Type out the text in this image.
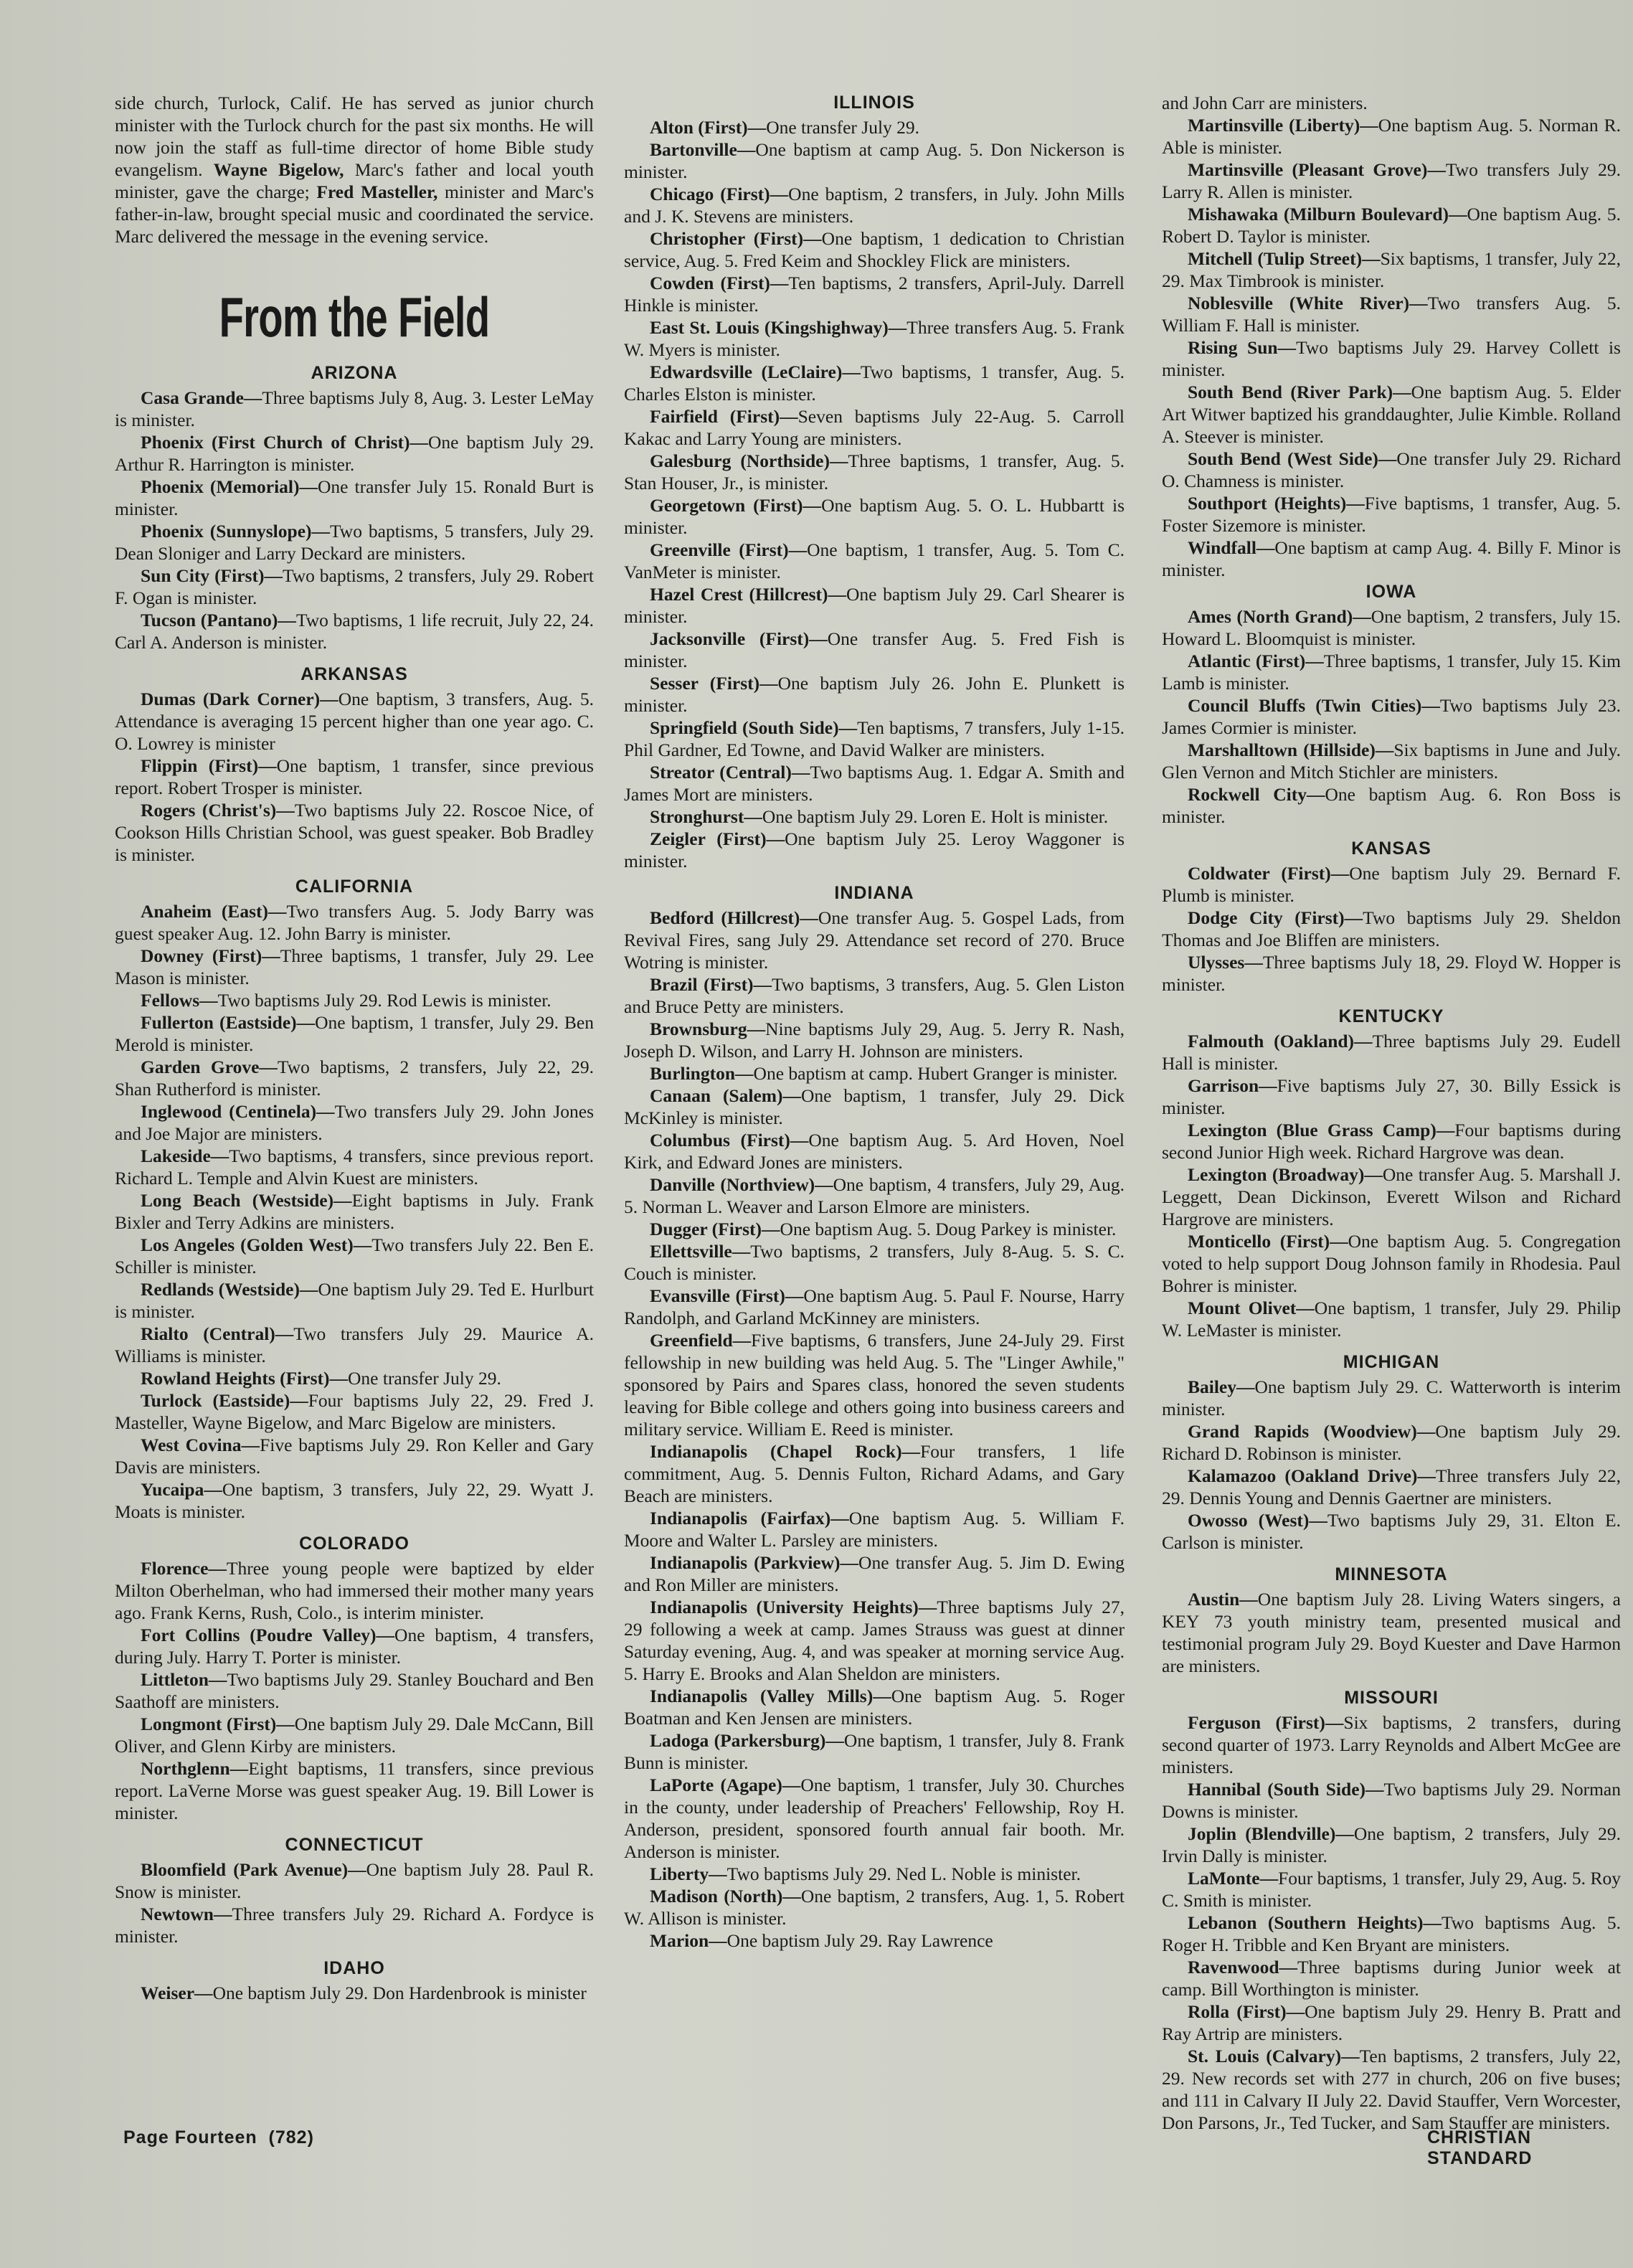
side church, Turlock, Calif. He has served as junior church minister with the Turlock church for the past six months. He will now join the staff as full-time director of home Bible study evangelism. Wayne Bigelow, Marc's father and local youth minister, gave the charge; Fred Masteller, minister and Marc's father-in-law, brought special music and coordinated the service. Marc delivered the message in the evening service.

From the Field
ARIZONA

Casa Grande—Three baptisms July 8, Aug. 3. Lester LeMay is minister.

Phoenix (First Church of Christ)—One baptism July 29. Arthur R. Harrington is minister.

Phoenix (Memorial)—One transfer July 15. Ronald Burt is minister.

Phoenix (Sunnyslope)—Two baptisms, 5 transfers, July 29. Dean Sloniger and Larry Deckard are ministers.

Sun City (First)—Two baptisms, 2 transfers, July 29. Robert F. Ogan is minister.

Tucson (Pantano)—Two baptisms, 1 life recruit, July 22, 24. Carl A. Anderson is minister.

ARKANSAS

Dumas (Dark Corner)—One baptism, 3 transfers, Aug. 5. Attendance is averaging 15 percent higher than one year ago. C. O. Lowrey is minister

Flippin (First)—One baptism, 1 transfer, since previous report. Robert Trosper is minister.

Rogers (Christ's)—Two baptisms July 22. Roscoe Nice, of Cookson Hills Christian School, was guest speaker. Bob Bradley is minister.

CALIFORNIA

Anaheim (East)—Two transfers Aug. 5. Jody Barry was guest speaker Aug. 12. John Barry is minister.

Downey (First)—Three baptisms, 1 transfer, July 29. Lee Mason is minister.

Fellows—Two baptisms July 29. Rod Lewis is minister.

Fullerton (Eastside)—One baptism, 1 transfer, July 29. Ben Merold is minister.

Garden Grove—Two baptisms, 2 transfers, July 22, 29. Shan Rutherford is minister.

Inglewood (Centinela)—Two transfers July 29. John Jones and Joe Major are ministers.

Lakeside—Two baptisms, 4 transfers, since previous report. Richard L. Temple and Alvin Kuest are ministers.

Long Beach (Westside)—Eight baptisms in July. Frank Bixler and Terry Adkins are ministers.

Los Angeles (Golden West)—Two transfers July 22. Ben E. Schiller is minister.

Redlands (Westside)—One baptism July 29. Ted E. Hurlburt is minister.

Rialto (Central)—Two transfers July 29. Maurice A. Williams is minister.

Rowland Heights (First)—One transfer July 29.

Turlock (Eastside)—Four baptisms July 22, 29. Fred J. Masteller, Wayne Bigelow, and Marc Bigelow are ministers.

West Covina—Five baptisms July 29. Ron Keller and Gary Davis are ministers.

Yucaipa—One baptism, 3 transfers, July 22, 29. Wyatt J. Moats is minister.

COLORADO

Florence—Three young people were baptized by elder Milton Oberhelman, who had immersed their mother many years ago. Frank Kerns, Rush, Colo., is interim minister.

Fort Collins (Poudre Valley)—One baptism, 4 transfers, during July. Harry T. Porter is minister.

Littleton—Two baptisms July 29. Stanley Bouchard and Ben Saathoff are ministers.

Longmont (First)—One baptism July 29. Dale McCann, Bill Oliver, and Glenn Kirby are ministers.

Northglenn—Eight baptisms, 11 transfers, since previous report. LaVerne Morse was guest speaker Aug. 19. Bill Lower is minister.

CONNECTICUT

Bloomfield (Park Avenue)—One baptism July 28. Paul R. Snow is minister.

Newtown—Three transfers July 29. Richard A. Fordyce is minister.

IDAHO

Weiser—One baptism July 29. Don Hardenbrook is minister

ILLINOIS

Alton (First)—One transfer July 29.

Bartonville—One baptism at camp Aug. 5. Don Nickerson is minister.

Chicago (First)—One baptism, 2 transfers, in July. John Mills and J. K. Stevens are ministers.

Christopher (First)—One baptism, 1 dedication to Christian service, Aug. 5. Fred Keim and Shockley Flick are ministers.

Cowden (First)—Ten baptisms, 2 transfers, April-July. Darrell Hinkle is minister.

East St. Louis (Kingshighway)—Three transfers Aug. 5. Frank W. Myers is minister.

Edwardsville (LeClaire)—Two baptisms, 1 transfer, Aug. 5. Charles Elston is minister.

Fairfield (First)—Seven baptisms July 22-Aug. 5. Carroll Kakac and Larry Young are ministers.

Galesburg (Northside)—Three baptisms, 1 transfer, Aug. 5. Stan Houser, Jr., is minister.

Georgetown (First)—One baptism Aug. 5. O. L. Hubbartt is minister.

Greenville (First)—One baptism, 1 transfer, Aug. 5. Tom C. VanMeter is minister.

Hazel Crest (Hillcrest)—One baptism July 29. Carl Shearer is minister.

Jacksonville (First)—One transfer Aug. 5. Fred Fish is minister.

Sesser (First)—One baptism July 26. John E. Plunkett is minister.

Springfield (South Side)—Ten baptisms, 7 transfers, July 1-15. Phil Gardner, Ed Towne, and David Walker are ministers.

Streator (Central)—Two baptisms Aug. 1. Edgar A. Smith and James Mort are ministers.

Stronghurst—One baptism July 29. Loren E. Holt is minister.

Zeigler (First)—One baptism July 25. Leroy Waggoner is minister.

INDIANA

Bedford (Hillcrest)—One transfer Aug. 5. Gospel Lads, from Revival Fires, sang July 29. Attendance set record of 270. Bruce Wotring is minister.

Brazil (First)—Two baptisms, 3 transfers, Aug. 5. Glen Liston and Bruce Petty are ministers.

Brownsburg—Nine baptisms July 29, Aug. 5. Jerry R. Nash, Joseph D. Wilson, and Larry H. Johnson are ministers.

Burlington—One baptism at camp. Hubert Granger is minister.

Canaan (Salem)—One baptism, 1 transfer, July 29. Dick McKinley is minister.

Columbus (First)—One baptism Aug. 5. Ard Hoven, Noel Kirk, and Edward Jones are ministers.

Danville (Northview)—One baptism, 4 transfers, July 29, Aug. 5. Norman L. Weaver and Larson Elmore are ministers.

Dugger (First)—One baptism Aug. 5. Doug Parkey is minister.

Ellettsville—Two baptisms, 2 transfers, July 8-Aug. 5. S. C. Couch is minister.

Evansville (First)—One baptism Aug. 5. Paul F. Nourse, Harry Randolph, and Garland McKinney are ministers.

Greenfield—Five baptisms, 6 transfers, June 24-July 29. First fellowship in new building was held Aug. 5. The "Linger Awhile," sponsored by Pairs and Spares class, honored the seven students leaving for Bible college and others going into business careers and military service. William E. Reed is minister.

Indianapolis (Chapel Rock)—Four transfers, 1 life commitment, Aug. 5. Dennis Fulton, Richard Adams, and Gary Beach are ministers.

Indianapolis (Fairfax)—One baptism Aug. 5. William F. Moore and Walter L. Parsley are ministers.

Indianapolis (Parkview)—One transfer Aug. 5. Jim D. Ewing and Ron Miller are ministers.

Indianapolis (University Heights)—Three baptisms July 27, 29 following a week at camp. James Strauss was guest at dinner Saturday evening, Aug. 4, and was speaker at morning service Aug. 5. Harry E. Brooks and Alan Sheldon are ministers.

Indianapolis (Valley Mills)—One baptism Aug. 5. Roger Boatman and Ken Jensen are ministers.

Ladoga (Parkersburg)—One baptism, 1 transfer, July 8. Frank Bunn is minister.

LaPorte (Agape)—One baptism, 1 transfer, July 30. Churches in the county, under leadership of Preachers' Fellowship, Roy H. Anderson, president, sponsored fourth annual fair booth. Mr. Anderson is minister.

Liberty—Two baptisms July 29. Ned L. Noble is minister.

Madison (North)—One baptism, 2 transfers, Aug. 1, 5. Robert W. Allison is minister.

Marion—One baptism July 29. Ray Lawrence

and John Carr are ministers.

Martinsville (Liberty)—One baptism Aug. 5. Norman R. Able is minister.

Martinsville (Pleasant Grove)—Two transfers July 29. Larry R. Allen is minister.

Mishawaka (Milburn Boulevard)—One baptism Aug. 5. Robert D. Taylor is minister.

Mitchell (Tulip Street)—Six baptisms, 1 transfer, July 22, 29. Max Timbrook is minister.

Noblesville (White River)—Two transfers Aug. 5. William F. Hall is minister.

Rising Sun—Two baptisms July 29. Harvey Collett is minister.

South Bend (River Park)—One baptism Aug. 5. Elder Art Witwer baptized his granddaughter, Julie Kimble. Rolland A. Steever is minister.

South Bend (West Side)—One transfer July 29. Richard O. Chamness is minister.

Southport (Heights)—Five baptisms, 1 transfer, Aug. 5. Foster Sizemore is minister.

Windfall—One baptism at camp Aug. 4. Billy F. Minor is minister.

IOWA

Ames (North Grand)—One baptism, 2 transfers, July 15. Howard L. Bloomquist is minister.

Atlantic (First)—Three baptisms, 1 transfer, July 15. Kim Lamb is minister.

Council Bluffs (Twin Cities)—Two baptisms July 23. James Cormier is minister.

Marshalltown (Hillside)—Six baptisms in June and July. Glen Vernon and Mitch Stichler are ministers.

Rockwell City—One baptism Aug. 6. Ron Boss is minister.

KANSAS

Coldwater (First)—One baptism July 29. Bernard F. Plumb is minister.

Dodge City (First)—Two baptisms July 29. Sheldon Thomas and Joe Bliffen are ministers.

Ulysses—Three baptisms July 18, 29. Floyd W. Hopper is minister.

KENTUCKY

Falmouth (Oakland)—Three baptisms July 29. Eudell Hall is minister.

Garrison—Five baptisms July 27, 30. Billy Essick is minister.

Lexington (Blue Grass Camp)—Four baptisms during second Junior High week. Richard Hargrove was dean.

Lexington (Broadway)—One transfer Aug. 5. Marshall J. Leggett, Dean Dickinson, Everett Wilson and Richard Hargrove are ministers.

Monticello (First)—One baptism Aug. 5. Congregation voted to help support Doug Johnson family in Rhodesia. Paul Bohrer is minister.

Mount Olivet—One baptism, 1 transfer, July 29. Philip W. LeMaster is minister.

MICHIGAN

Bailey—One baptism July 29. C. Watterworth is interim minister.

Grand Rapids (Woodview)—One baptism July 29. Richard D. Robinson is minister.

Kalamazoo (Oakland Drive)—Three transfers July 22, 29. Dennis Young and Dennis Gaertner are ministers.

Owosso (West)—Two baptisms July 29, 31. Elton E. Carlson is minister.

MINNESOTA

Austin—One baptism July 28. Living Waters singers, a KEY 73 youth ministry team, presented musical and testimonial program July 29. Boyd Kuester and Dave Harmon are ministers.

MISSOURI

Ferguson (First)—Six baptisms, 2 transfers, during second quarter of 1973. Larry Reynolds and Albert McGee are ministers.

Hannibal (South Side)—Two baptisms July 29. Norman Downs is minister.

Joplin (Blendville)—One baptism, 2 transfers, July 29. Irvin Dally is minister.

LaMonte—Four baptisms, 1 transfer, July 29, Aug. 5. Roy C. Smith is minister.

Lebanon (Southern Heights)—Two baptisms Aug. 5. Roger H. Tribble and Ken Bryant are ministers.

Ravenwood—Three baptisms during Junior week at camp. Bill Worthington is minister.

Rolla (First)—One baptism July 29. Henry B. Pratt and Ray Artrip are ministers.

St. Louis (Calvary)—Ten baptisms, 2 transfers, July 22, 29. New records set with 277 in church, 206 on five buses; and 111 in Calvary II July 22. David Stauffer, Vern Worcester, Don Parsons, Jr., Ted Tucker, and Sam Stauffer are ministers.

Page Fourteen  (782)	CHRISTIAN STANDARD
